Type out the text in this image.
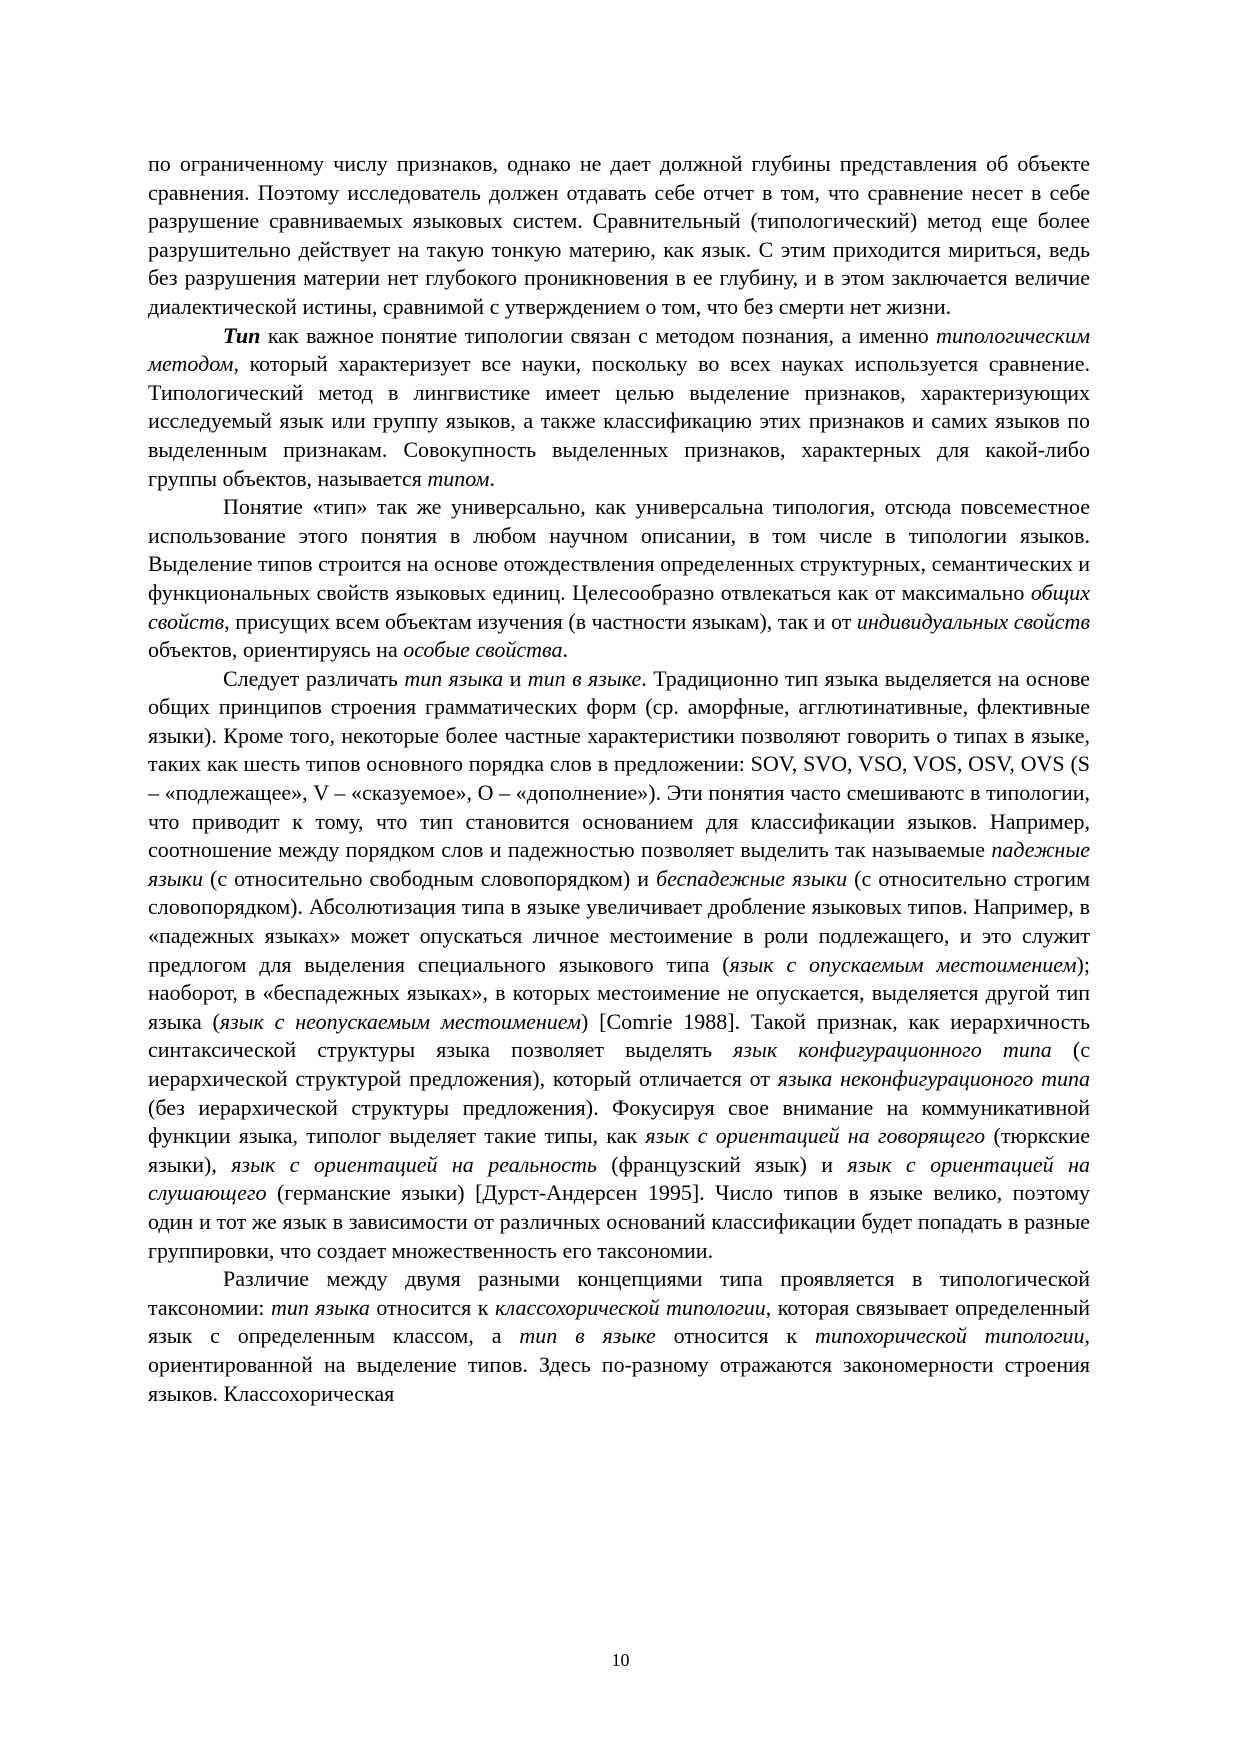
по ограниченному числу признаков, однако не дает должной глубины представления об объекте сравнения. Поэтому исследователь должен отдавать себе отчет в том, что сравнение несет в себе разрушение сравниваемых языковых систем. Сравнительный (типологический) метод еще более разрушительно действует на такую тонкую материю, как язык. С этим приходится мириться, ведь без разрушения материи нет глубокого проникновения в ее глубину, и в этом заключается величие диалектической истины, сравнимой с утверждением о том, что без смерти нет жизни.

Тип как важное понятие типологии связан с методом познания, а именно типологическим методом, который характеризует все науки, поскольку во всех науках используется сравнение. Типологический метод в лингвистике имеет целью выделение признаков, характеризующих исследуемый язык или группу языков, а также классификацию этих признаков и самих языков по выделенным признакам. Совокупность выделенных признаков, характерных для какой-либо группы объектов, называется типом.

Понятие «тип» так же универсально, как универсальна типология, отсюда повсеместное использование этого понятия в любом научном описании, в том числе в типологии языков. Выделение типов строится на основе отождествления определенных структурных, семантических и функциональных свойств языковых единиц. Целесообразно отвлекаться как от максимально общих свойств, присущих всем объектам изучения (в частности языкам), так и от индивидуальных свойств объектов, ориентируясь на особые свойства.

Следует различать тип языка и тип в языке. Традиционно тип языка выделяется на основе общих принципов строения грамматических форм (ср. аморфные, агглютинативные, флективные языки). Кроме того, некоторые более частные характеристики позволяют говорить о типах в языке, таких как шесть типов основного порядка слов в предложении: SOV, SVO, VSO, VOS, OSV, OVS (S – «подлежащее», V – «сказуемое», O – «дополнение»). Эти понятия часто смешиваютс в типологии, что приводит к тому, что тип становится основанием для классификации языков. Например, соотношение между порядком слов и падежностью позволяет выделить так называемые падежные языки (с относительно свободным словопорядком) и беспадежные языки (с относительно строгим словопорядком). Абсолютизация типа в языке увеличивает дробление языковых типов. Например, в «падежных языках» может опускаться личное местоимение в роли подлежащего, и это служит предлогом для выделения специального языкового типа (язык с опускаемым местоимением); наоборот, в «беспадежных языках», в которых местоимение не опускается, выделяется другой тип языка (язык с неопускаемым местоимением) [Comrie 1988]. Такой признак, как иерархичность синтаксической структуры языка позволяет выделять язык конфигурационного типа (с иерархической структурой предложения), который отличается от языка неконфигурационого типа (без иерархической структуры предложения). Фокусируя свое внимание на коммуникативной функции языка, типолог выделяет такие типы, как язык с ориентацией на говорящего (тюркские языки), язык с ориентацией на реальность (французский язык) и язык с ориентацией на слушающего (германские языки) [Дурст-Андерсен 1995]. Число типов в языке велико, поэтому один и тот же язык в зависимости от различных оснований классификации будет попадать в разные группировки, что создает множественность его таксономии.

Различие между двумя разными концепциями типа проявляется в типологической таксономии: тип языка относится к классохорической типологии, которая связывает определенный язык с определенным классом, а тип в языке относится к типохорической типологии, ориентированной на выделение типов. Здесь по-разному отражаются закономерности строения языков. Классохорическая

10
